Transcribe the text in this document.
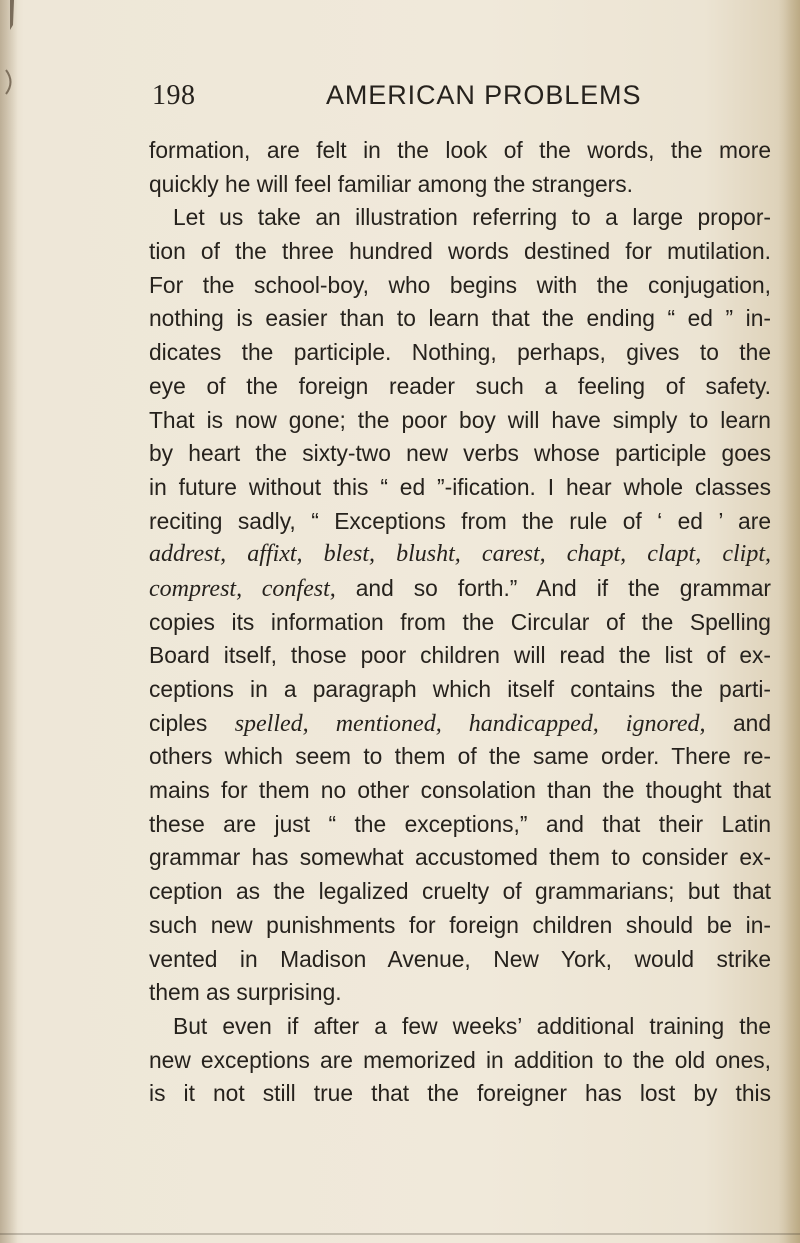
198	AMERICAN PROBLEMS
formation, are felt in the look of the words, the more
quickly he will feel familiar among the strangers.
Let us take an illustration referring to a large propor-
tion of the three hundred words destined for mutilation.
For the school-boy, who begins with the conjugation,
nothing is easier than to learn that the ending “ ed ” in-
dicates the participle. Nothing, perhaps, gives to the
eye of the foreign reader such a feeling of safety.
That is now gone; the poor boy will have simply to learn
by heart the sixty-two new verbs whose participle goes
in future without this “ ed ”-ification. I hear whole classes
reciting sadly, “ Exceptions from the rule of ‘ ed ’ are
addrest, affixt, blest, blusht, carest, chapt, clapt, clipt,
comprest, confest, and so forth.” And if the grammar
copies its information from the Circular of the Spelling
Board itself, those poor children will read the list of ex-
ceptions in a paragraph which itself contains the parti-
ciples spelled, mentioned, handicapped, ignored, and
others which seem to them of the same order. There re-
mains for them no other consolation than the thought that
these are just “ the exceptions,” and that their Latin
grammar has somewhat accustomed them to consider ex-
ception as the legalized cruelty of grammarians; but that
such new punishments for foreign children should be in-
vented in Madison Avenue, New York, would strike
them as surprising.
But even if after a few weeks’ additional training the
new exceptions are memorized in addition to the old ones,
is it not still true that the foreigner has lost by this
